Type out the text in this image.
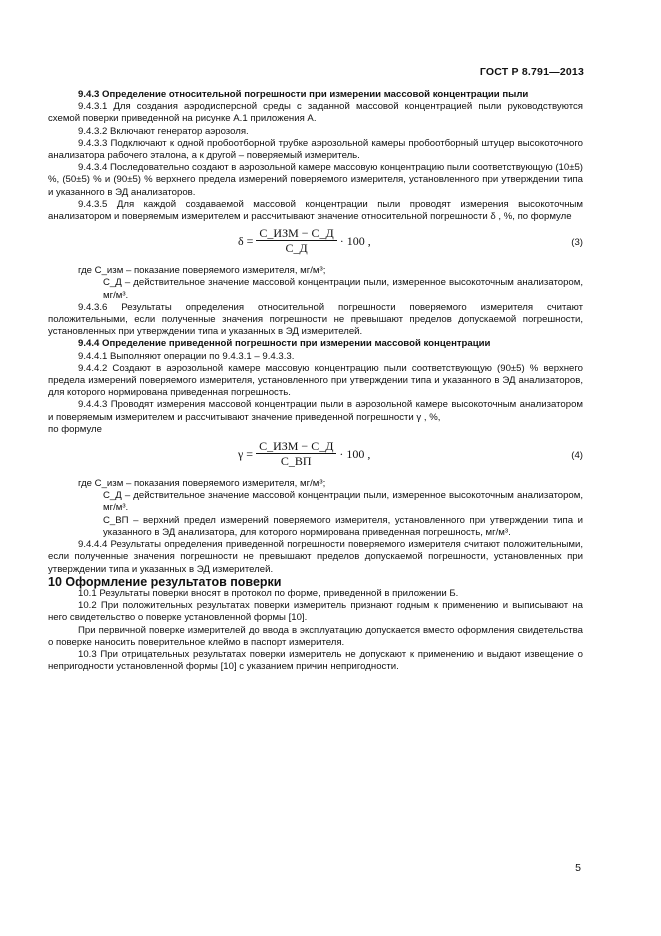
ГОСТ Р 8.791—2013

9.4.3 Определение относительной погрешности при измерении массовой концентрации пыли

9.4.3.1 Для создания аэродисперсной среды с заданной массовой концентрацией пыли руководствуются схемой поверки приведенной на рисунке А.1 приложения А.

9.4.3.2 Включают генератор аэрозоля.

9.4.3.3 Подключают к одной пробоотборной трубке аэрозольной камеры пробоотборный штуцер высокоточного анализатора рабочего эталона, а к другой – поверяемый измеритель.

9.4.3.4 Последовательно создают в аэрозольной камере массовую концентрацию пыли соответствующую (10±5) %, (50±5) % и (90±5) % верхнего предела измерений поверяемого измерителя, установленного при утверждении типа и указанного в ЭД анализаторов.

9.4.3.5 Для каждой создаваемой массовой концентрации пыли проводят измерения высокоточным анализатором и поверяемым измерителем и рассчитывают значение относительной погрешности δ , %, по формуле

$\delta = \frac{\text{C\_ИЗМ − C\_Д}}{C\_Д} \cdot 100$ ,	(3)

где C_изм – показание поверяемого измерителя, мг/м³;

C_Д – действительное значение массовой концентрации пыли, измеренное высокоточным анализатором, мг/м³.

9.4.3.6 Результаты определения относительной погрешности поверяемого измерителя считают положительными, если полученные значения погрешности не превышают пределов допускаемой погрешности, установленных при утверждении типа и указанных в ЭД измерителей.

9.4.4 Определение приведенной погрешности при измерении массовой концентрации

9.4.4.1 Выполняют операции по 9.4.3.1 – 9.4.3.3.

9.4.4.2 Создают в аэрозольной камере массовую концентрацию пыли соответствующую (90±5) % верхнего предела измерений поверяемого измерителя, установленного при утверждении типа и указанного в ЭД анализаторов, для которого нормирована приведенная погрешность.

9.4.4.3 Проводят измерения массовой концентрации пыли в аэрозольной камере высокоточным анализатором и поверяемым измерителем и рассчитывают значение приведенной погрешности γ , %,

по формуле

$\gamma = \frac{\text{C\_ИЗМ − C\_Д}}{C\_ВП} \cdot 100$ ,	(4)

где C_изм – показания поверяемого измерителя, мг/м³;

C_Д – действительное значение массовой концентрации пыли, измеренное высокоточным анализатором, мг/м³.

C_ВП – верхний предел измерений поверяемого измерителя, установленного при утверждении типа и указанного в ЭД анализатора, для которого нормирована приведенная погрешность, мг/м³.

9.4.4.4 Результаты определения приведенной погрешности поверяемого измерителя считают положительными, если полученные значения погрешности не превышают пределов допускаемой погрешности, установленных при утверждении типа и указанных в ЭД измерителей.

10 Оформление результатов поверки

10.1 Результаты поверки вносят в протокол по форме, приведенной в приложении Б.

10.2 При положительных результатах поверки измеритель признают годным к применению и выписывают на него свидетельство о поверке установленной формы [10].

При первичной поверке измерителей до ввода в эксплуатацию допускается вместо оформления свидетельства о поверке наносить поверительное клеймо в паспорт измерителя.

10.3 При отрицательных результатах поверки измеритель не допускают к применению и выдают извещение о непригодности установленной формы [10] с указанием причин непригодности.

5
